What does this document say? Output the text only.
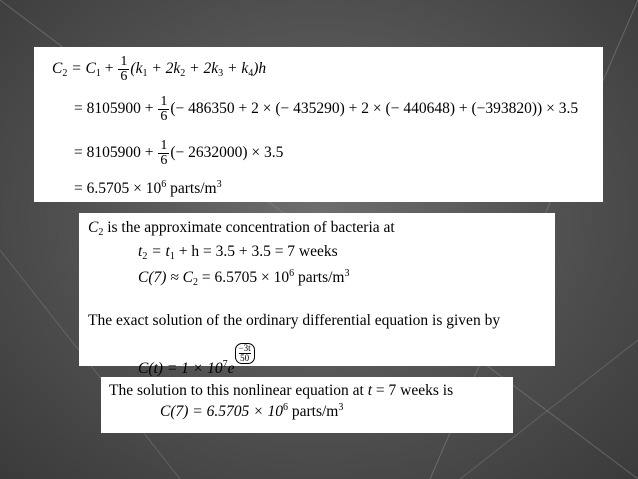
$C_2 = C_1 + \frac{1}{6} (k_1 + 2k_2 + 2k_3 + k_4)h$
= $8105900 + \frac{1}{6}$ (− 486350 + 2 × (− 435290) + 2 × (− 440648) + (−393820)) × 3.5
= $8105900 + \frac{1}{6}$ (− 2632000) × 3.5
= $6.5705 \times 10^6$ parts/$m^3$
$C_2$ is the approximate concentration of bacteria at
$t_2 = t_1 + h = 3.5 + 3.5 = 7$ weeks
$C(7) \approx C_2 = 6.5705 \times 10^6$ parts/$m^3$
The exact solution of the ordinary differential equation is given by
$C(t) = 1 \times 10^7e$
$\frac{-3t}{50}$
The solution to this nonlinear equation at t = 7 weeks is
$C(7) = 6.5705 \times 10^6$ parts/$m^3$
